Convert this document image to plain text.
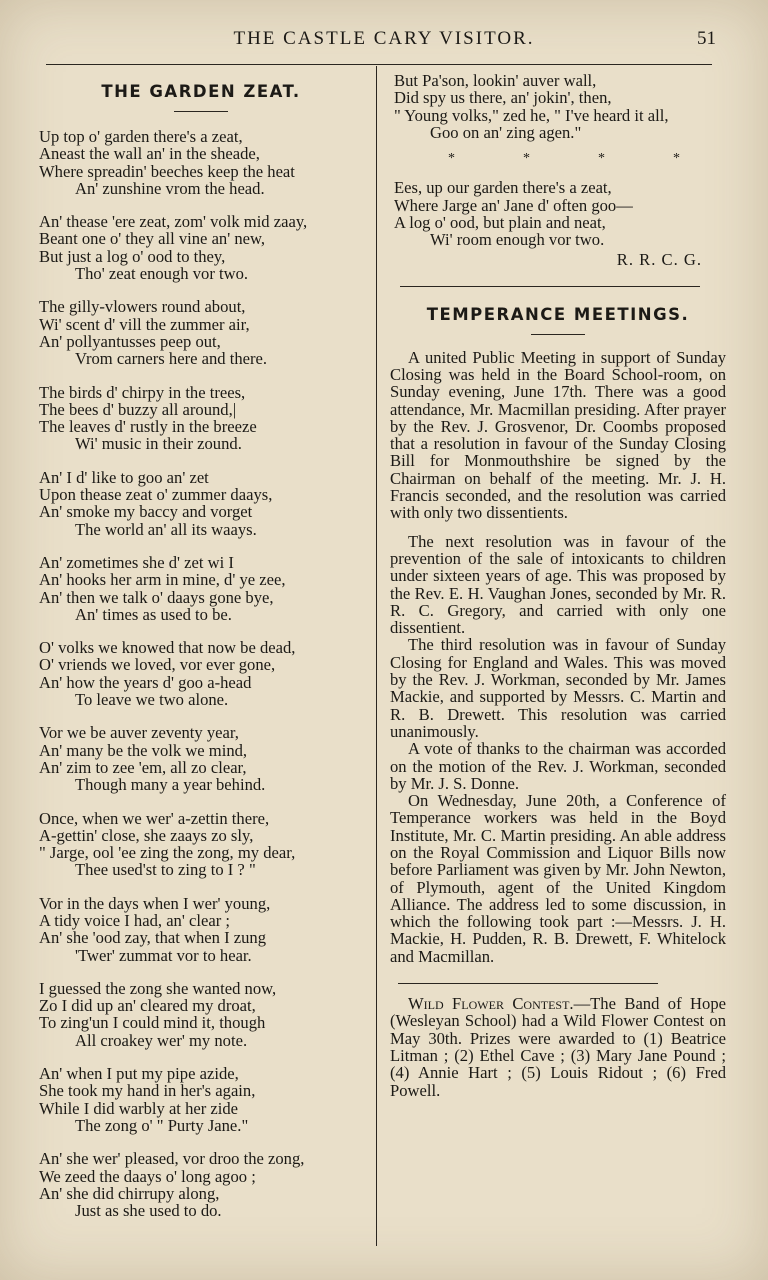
THE CASTLE CARY VISITOR.	51
THE GARDEN ZEAT.
Up top o' garden there's a zeat,
Aneast the wall an' in the sheade,
Where spreadin' beeches keep the heat
An' zunshine vrom the head.
An' thease 'ere zeat, zom' volk mid zaay,
Beant one o' they all vine an' new,
But just a log o' ood to they,
Tho' zeat enough vor two.
The gilly-vlowers round about,
Wi' scent d' vill the zummer air,
An' pollyantusses peep out,
Vrom carners here and there.
The birds d' chirpy in the trees,
The bees d' buzzy all around,|
The leaves d' rustly in the breeze
Wi' music in their zound.
An' I d' like to goo an' zet
Upon thease zeat o' zummer daays,
An' smoke my baccy and vorget
The world an' all its waays.
An' zometimes she d' zet wi I
An' hooks her arm in mine, d' ye zee,
An' then we talk o' daays gone bye,
An' times as used to be.
O' volks we knowed that now be dead,
O' vriends we loved, vor ever gone,
An' how the years d' goo a-head
To leave we two alone.
Vor we be auver zeventy year,
An' many be the volk we mind,
An' zim to zee 'em, all zo clear,
Though many a year behind.
Once, when we wer' a-zettin there,
A-gettin' close, she zaays zo sly,
" Jarge, ool 'ee zing the zong, my dear,
Thee used'st to zing to I ? "
Vor in the days when I wer' young,
A tidy voice I had, an' clear ;
An' she 'ood zay, that when I zung
'Twer' zummat vor to hear.
I guessed the zong she wanted now,
Zo I did up an' cleared my droat,
To zing'un I could mind it, though
All croakey wer' my note.
An' when I put my pipe azide,
She took my hand in her's again,
While I did warbly at her zide
The zong o' " Purty Jane."
An' she wer' pleased, vor droo the zong,
We zeed the daays o' long agoo ;
An' she did chirrupy along,
Just as she used to do.
But Pa'son, lookin' auver wall,
Did spy us there, an' jokin', then,
" Young volks," zed he, " I've heard it all,
Goo on an' zing agen."
*	*	*	*
Ees, up our garden there's a zeat,
Where Jarge an' Jane d' often goo—
A log o' ood, but plain and neat,
Wi' room enough vor two.
R. R. C. G.
TEMPERANCE MEETINGS.

A united Public Meeting in support of Sunday Closing was held in the Board School-room, on Sunday evening, June 17th. There was a good attendance, Mr. Macmillan presiding. After prayer by the Rev. J. Grosvenor, Dr. Coombs proposed that a resolution in favour of the Sunday Closing Bill for Monmouthshire be signed by the Chairman on behalf of the meeting. Mr. J. H. Francis seconded, and the resolution was carried with only two dissentients.

The next resolution was in favour of the prevention of the sale of intoxicants to children under sixteen years of age. This was proposed by the Rev. E. H. Vaughan Jones, seconded by Mr. R. R. C. Gregory, and carried with only one dissentient.

The third resolution was in favour of Sunday Closing for England and Wales. This was moved by the Rev. J. Workman, seconded by Mr. James Mackie, and supported by Messrs. C. Martin and R. B. Drewett. This resolution was carried unanimously.

A vote of thanks to the chairman was accorded on the motion of the Rev. J. Workman, seconded by Mr. J. S. Donne.

On Wednesday, June 20th, a Conference of Temperance workers was held in the Boyd Institute, Mr. C. Martin presiding. An able address on the Royal Commission and Liquor Bills now before Parliament was given by Mr. John Newton, of Plymouth, agent of the United Kingdom Alliance. The address led to some discussion, in which the following took part :—Messrs. J. H. Mackie, H. Pudden, R. B. Drewett, F. Whitelock and Macmillan.

Wild Flower Contest.—The Band of Hope (Wesleyan School) had a Wild Flower Contest on May 30th. Prizes were awarded to (1) Beatrice Litman ; (2) Ethel Cave ; (3) Mary Jane Pound ; (4) Annie Hart ; (5) Louis Ridout ; (6) Fred Powell.
